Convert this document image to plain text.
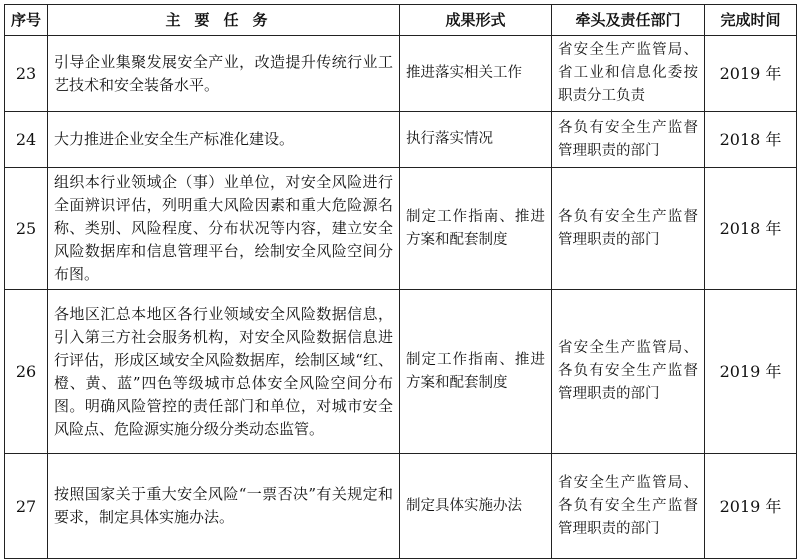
序号	主要任务	成果形式	牵头及责任部门	完成时间
23	引导企业集聚发展安全产业，改造提升传统行业工艺技术和安全装备水平。	推进落实相关工作	省安全生产监管局、省工业和信息化委按职责分工负责	2019 年
24	大力推进企业安全生产标准化建设。	执行落实情况	各负有安全生产监督管理职责的部门	2018 年
25	组织本行业领域企（事）业单位，对安全风险进行全面辨识评估，列明重大风险因素和重大危险源名称、类别、风险程度、分布状况等内容，建立安全风险数据库和信息管理平台，绘制安全风险空间分布图。	制定工作指南、推进方案和配套制度	各负有安全生产监督管理职责的部门	2018 年
26	各地区汇总本地区各行业领域安全风险数据信息，引入第三方社会服务机构，对安全风险数据信息进行评估，形成区域安全风险数据库，绘制区域“红、橙、黄、蓝”四色等级城市总体安全风险空间分布图。明确风险管控的责任部门和单位，对城市安全风险点、危险源实施分级分类动态监管。	制定工作指南、推进方案和配套制度	省安全生产监管局、各负有安全生产监督管理职责的部门	2019 年
27	按照国家关于重大安全风险“一票否决”有关规定和要求，制定具体实施办法。	制定具体实施办法	省安全生产监管局、各负有安全生产监督管理职责的部门	2019 年
